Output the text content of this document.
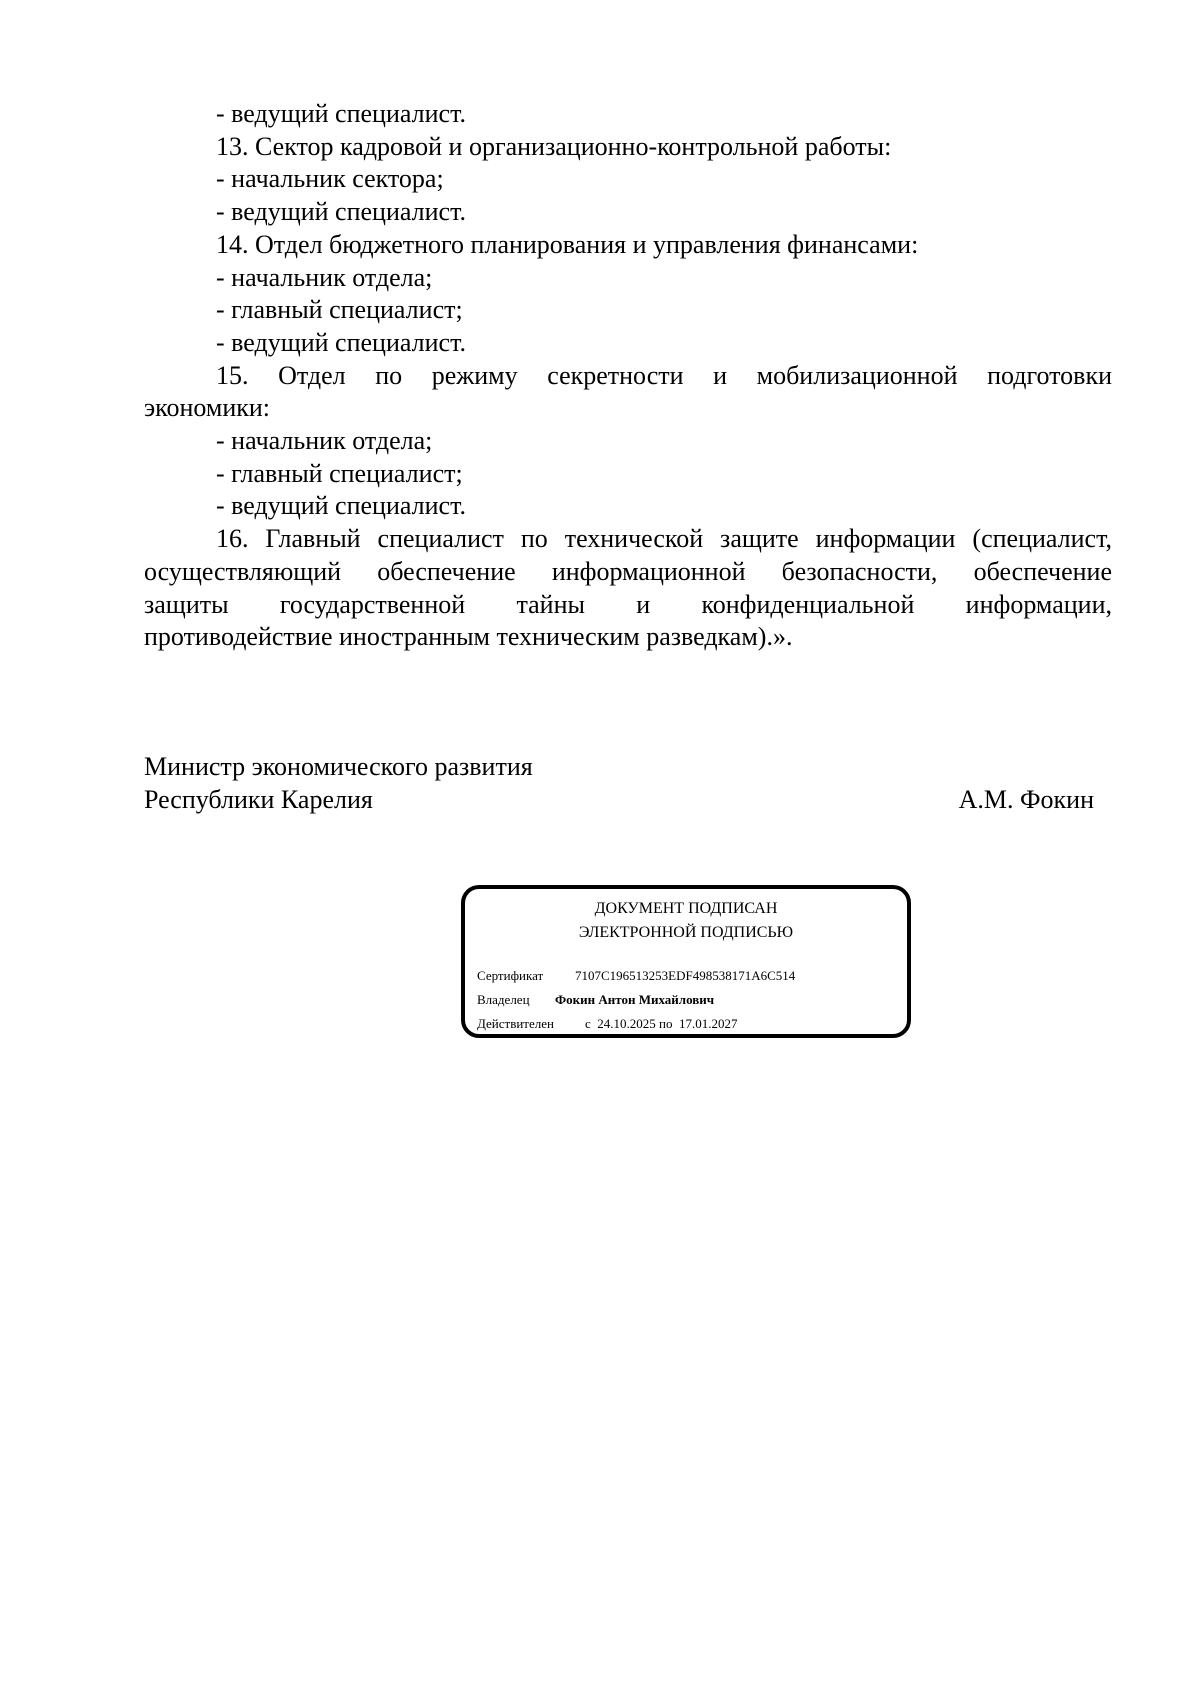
- ведущий специалист.

13. Сектор кадровой и организационно-контрольной работы:

- начальник сектора;

- ведущий специалист.

14. Отдел бюджетного планирования и управления финансами:

- начальник отдела;

- главный специалист;

- ведущий специалист.

15. Отдел по режиму секретности и мобилизационной подготовки

экономики:

- начальник отдела;

- главный специалист;

- ведущий специалист.

16. Главный специалист по технической защите информации (специалист,

осуществляющий обеспечение информационной безопасности, обеспечение

защиты государственной тайны и конфиденциальной информации,

противодействие иностранным техническим разведкам).».

Министр экономического развития
Республики Карелия	А.М. Фокин
ДОКУМЕНТ ПОДПИСАН
ЭЛЕКТРОННОЙ ПОДПИСЬЮ
Сертификат 7107C196513253EDF498538171A6C514
Владелец Фокин Антон Михайлович
Действителен с  24.10.2025 по  17.01.2027
